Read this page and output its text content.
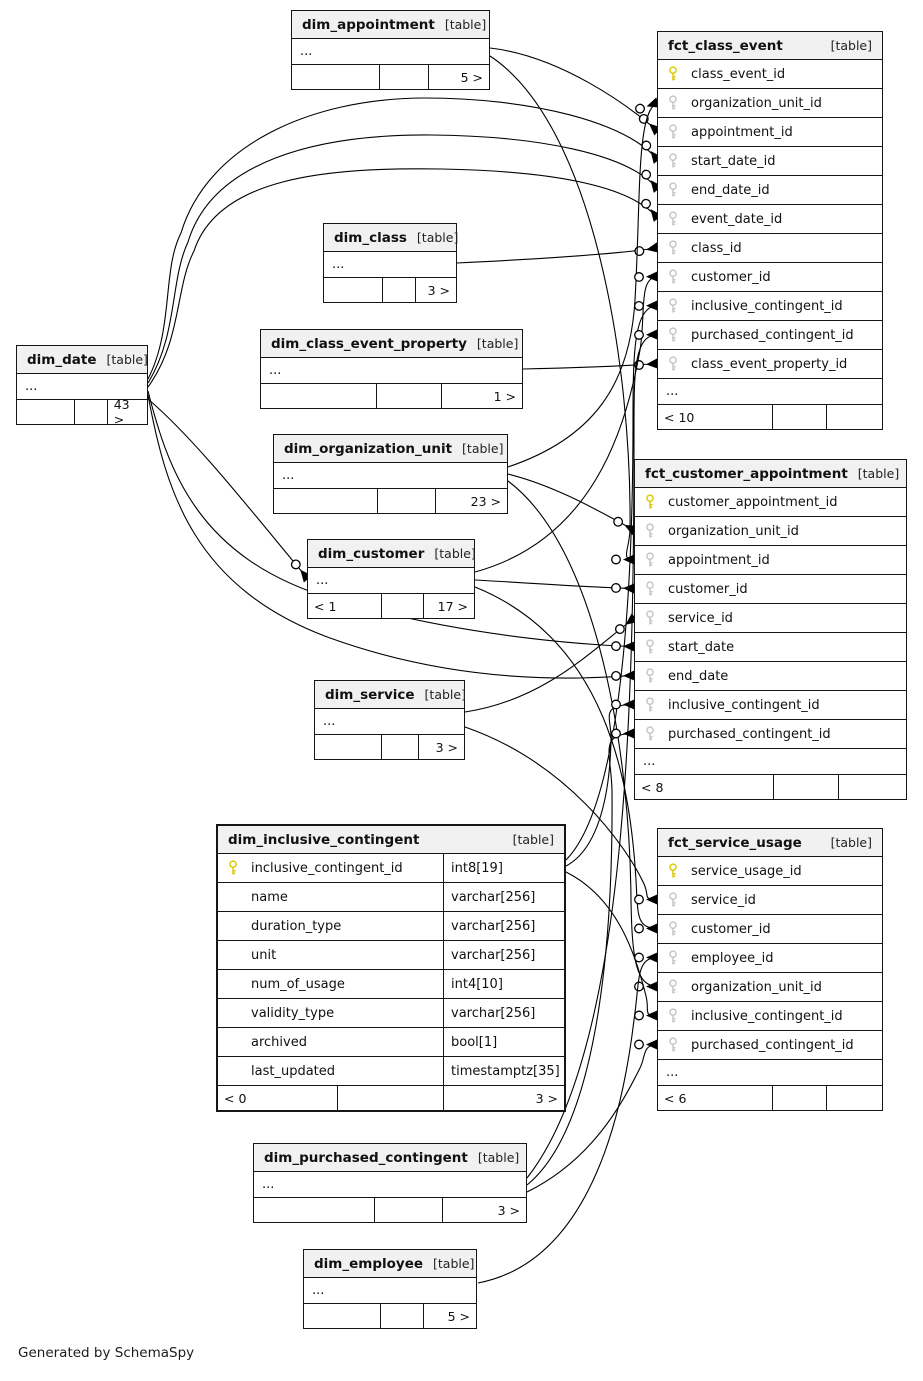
dim_appointment [table]
...
5 >
fct_class_event	[table]
class_event_id
organization_unit_id
appointment_id
start_date_id
end_date_id
event_date_id
class_id
customer_id
inclusive_contingent_id
purchased_contingent_id
class_event_property_id
...
< 10
dim_class [table]
...
3 >
dim_class_event_property [table]
...
1 >
dim_date [table]
...
43 >
dim_organization_unit [table]
...
23 >
fct_customer_appointment [table]
customer_appointment_id
organization_unit_id
appointment_id
customer_id
service_id
start_date
end_date
inclusive_contingent_id
purchased_contingent_id
...
< 8
dim_customer [table]
...
< 1	17 >
dim_service [table]
...
3 >
dim_inclusive_contingent	[table]
inclusive_contingent_id	int8[19]
name	varchar[256]
duration_type	varchar[256]
unit	varchar[256]
num_of_usage	int4[10]
validity_type	varchar[256]
archived	bool[1]
last_updated	timestamptz[35]
< 0	3 >
fct_service_usage [table]
service_usage_id
service_id
customer_id
employee_id
organization_unit_id
inclusive_contingent_id
purchased_contingent_id
...
< 6
dim_purchased_contingent [table]
...
3 >
dim_employee [table]
...
5 >
Generated by SchemaSpy
